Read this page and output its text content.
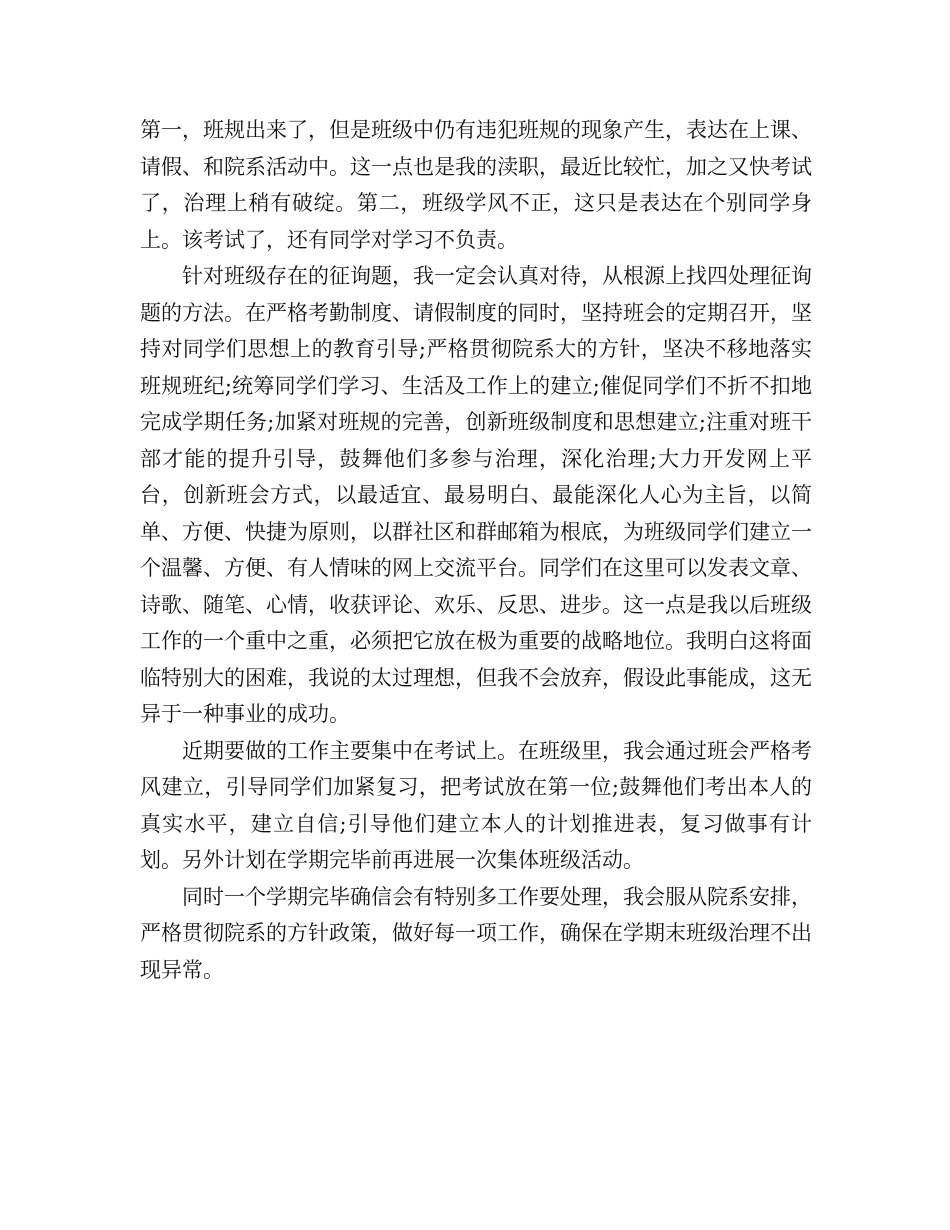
第一，班规出来了，但是班级中仍有违犯班规的现象产生，表达在上课、请假、和院系活动中。这一点也是我的渎职，最近比较忙，加之又快考试了，治理上稍有破绽。第二，班级学风不正，这只是表达在个别同学身上。该考试了，还有同学对学习不负责。

针对班级存在的征询题，我一定会认真对待，从根源上找四处理征询题的方法。在严格考勤制度、请假制度的同时，坚持班会的定期召开，坚持对同学们思想上的教育引导;严格贯彻院系大的方针，坚决不移地落实班规班纪;统筹同学们学习、生活及工作上的建立;催促同学们不折不扣地完成学期任务;加紧对班规的完善，创新班级制度和思想建立;注重对班干部才能的提升引导，鼓舞他们多参与治理，深化治理;大力开发网上平台，创新班会方式，以最适宜、最易明白、最能深化人心为主旨，以简单、方便、快捷为原则，以群社区和群邮箱为根底，为班级同学们建立一个温馨、方便、有人情味的网上交流平台。同学们在这里可以发表文章、诗歌、随笔、心情，收获评论、欢乐、反思、进步。这一点是我以后班级工作的一个重中之重，必须把它放在极为重要的战略地位。我明白这将面临特别大的困难，我说的太过理想，但我不会放弃，假设此事能成，这无异于一种事业的成功。

近期要做的工作主要集中在考试上。在班级里，我会通过班会严格考风建立，引导同学们加紧复习，把考试放在第一位;鼓舞他们考出本人的真实水平，建立自信;引导他们建立本人的计划推进表，复习做事有计划。另外计划在学期完毕前再进展一次集体班级活动。

同时一个学期完毕确信会有特别多工作要处理，我会服从院系安排，严格贯彻院系的方针政策，做好每一项工作，确保在学期末班级治理不出现异常。
